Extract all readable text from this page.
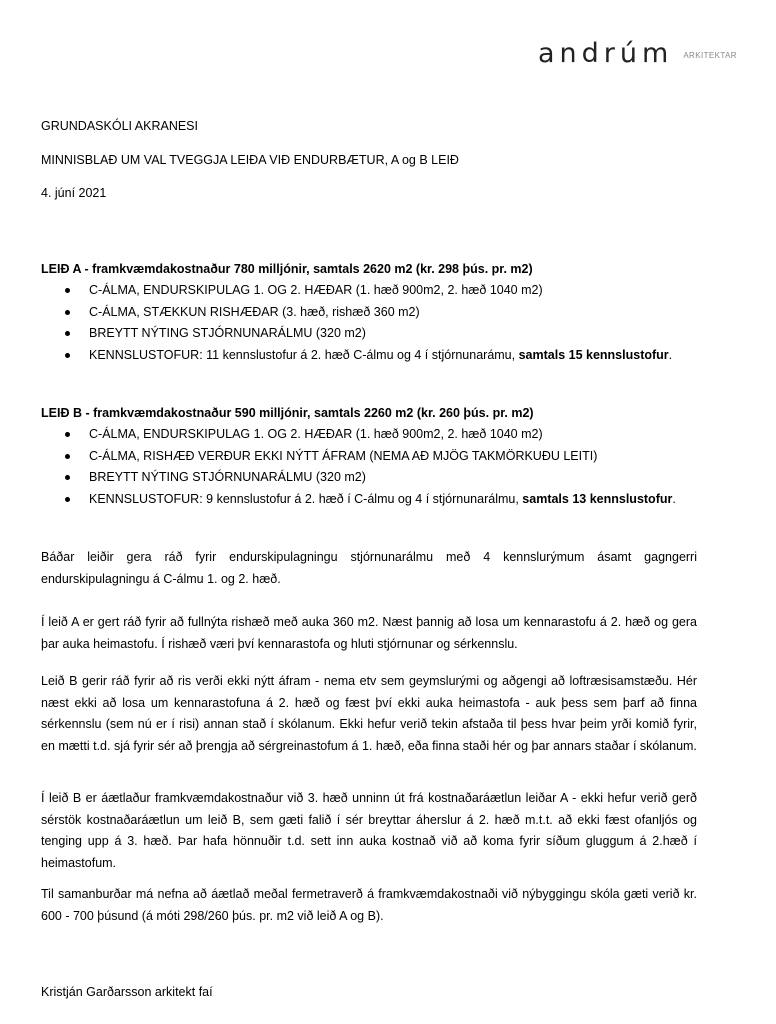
andrúm $^{ARKITEKTAR}$

GRUNDASKÓLI AKRANESI

MINNISBLAÐ UM VAL TVEGGJA LEIÐA VIÐ ENDURBÆTUR, A og B LEIÐ

4. júní 2021

LEIÐ A - framkvæmdakostnaður 780 milljónir, samtals 2620 m2 (kr. 298 þús. pr. m2)

C-ÁLMA, ENDURSKIPULAG 1. OG 2. HÆÐAR (1. hæð 900m2, 2. hæð 1040 m2)
C-ÁLMA, STÆKKUN RISHÆÐAR (3. hæð, rishæð 360 m2)
BREYTT NÝTING STJÓRNUNARÁLMU (320 m2)
KENNSLUSTOFUR: 11 kennslustofur á 2. hæð C-álmu og 4 í stjórnunarámu, samtals 15 kennslustofur.

LEIÐ B - framkvæmdakostnaður 590 milljónir, samtals 2260 m2 (kr. 260 þús. pr. m2)

C-ÁLMA, ENDURSKIPULAG 1. OG 2. HÆÐAR (1. hæð 900m2, 2. hæð 1040 m2)
C-ÁLMA, RISHÆÐ VERÐUR EKKI NÝTT ÁFRAM (NEMA AÐ MJÖG TAKMÖRKUÐU LEITI)
BREYTT NÝTING STJÓRNUNARÁLMU (320 m2)
KENNSLUSTOFUR: 9 kennslustofur á 2. hæð í C-álmu og 4 í stjórnunarálmu, samtals 13 kennslustofur.

Báðar leiðir gera ráð fyrir endurskipulagningu stjórnunarálmu með 4 kennslurýmum ásamt gagngerri endurskipulagningu á C-álmu 1. og 2. hæð.

Í leið A er gert ráð fyrir að fullnýta rishæð með auka 360 m2. Næst þannig að losa um kennarastofu á 2. hæð og gera þar auka heimastofu. Í rishæð væri því kennarastofa og hluti stjórnunar og sérkennslu.

Leið B gerir ráð fyrir að ris verði ekki nýtt áfram - nema etv sem geymslurými og aðgengi að loftræsisamstæðu. Hér næst ekki að losa um kennarastofuna á 2. hæð og fæst því ekki auka heimastofa - auk þess sem þarf að finna sérkennslu (sem nú er í risi) annan stað í skólanum. Ekki hefur verið tekin afstaða til þess hvar þeim yrði komið fyrir, en mætti t.d. sjá fyrir sér að þrengja að sérgreinastofum á 1. hæð, eða finna staði hér og þar annars staðar í skólanum.

Í leið B er áætlaður framkvæmdakostnaður við 3. hæð unninn út frá kostnaðaráætlun leiðar A - ekki hefur verið gerð sérstök kostnaðaráætlun um leið B, sem gæti falið í sér breyttar áherslur á 2. hæð m.t.t. að ekki fæst ofanljós og tenging upp á 3. hæð. Þar hafa hönnuðir t.d. sett inn auka kostnað við að koma fyrir síðum gluggum á 2.hæð í heimastofum.

Til samanburðar má nefna að áætlað meðal fermetraverð á framkvæmdakostnaði við nýbyggingu skóla gæti verið kr. 600 - 700 þúsund (á móti 298/260 þús. pr. m2 við leið A og B).

Kristján Garðarsson arkitekt faí
